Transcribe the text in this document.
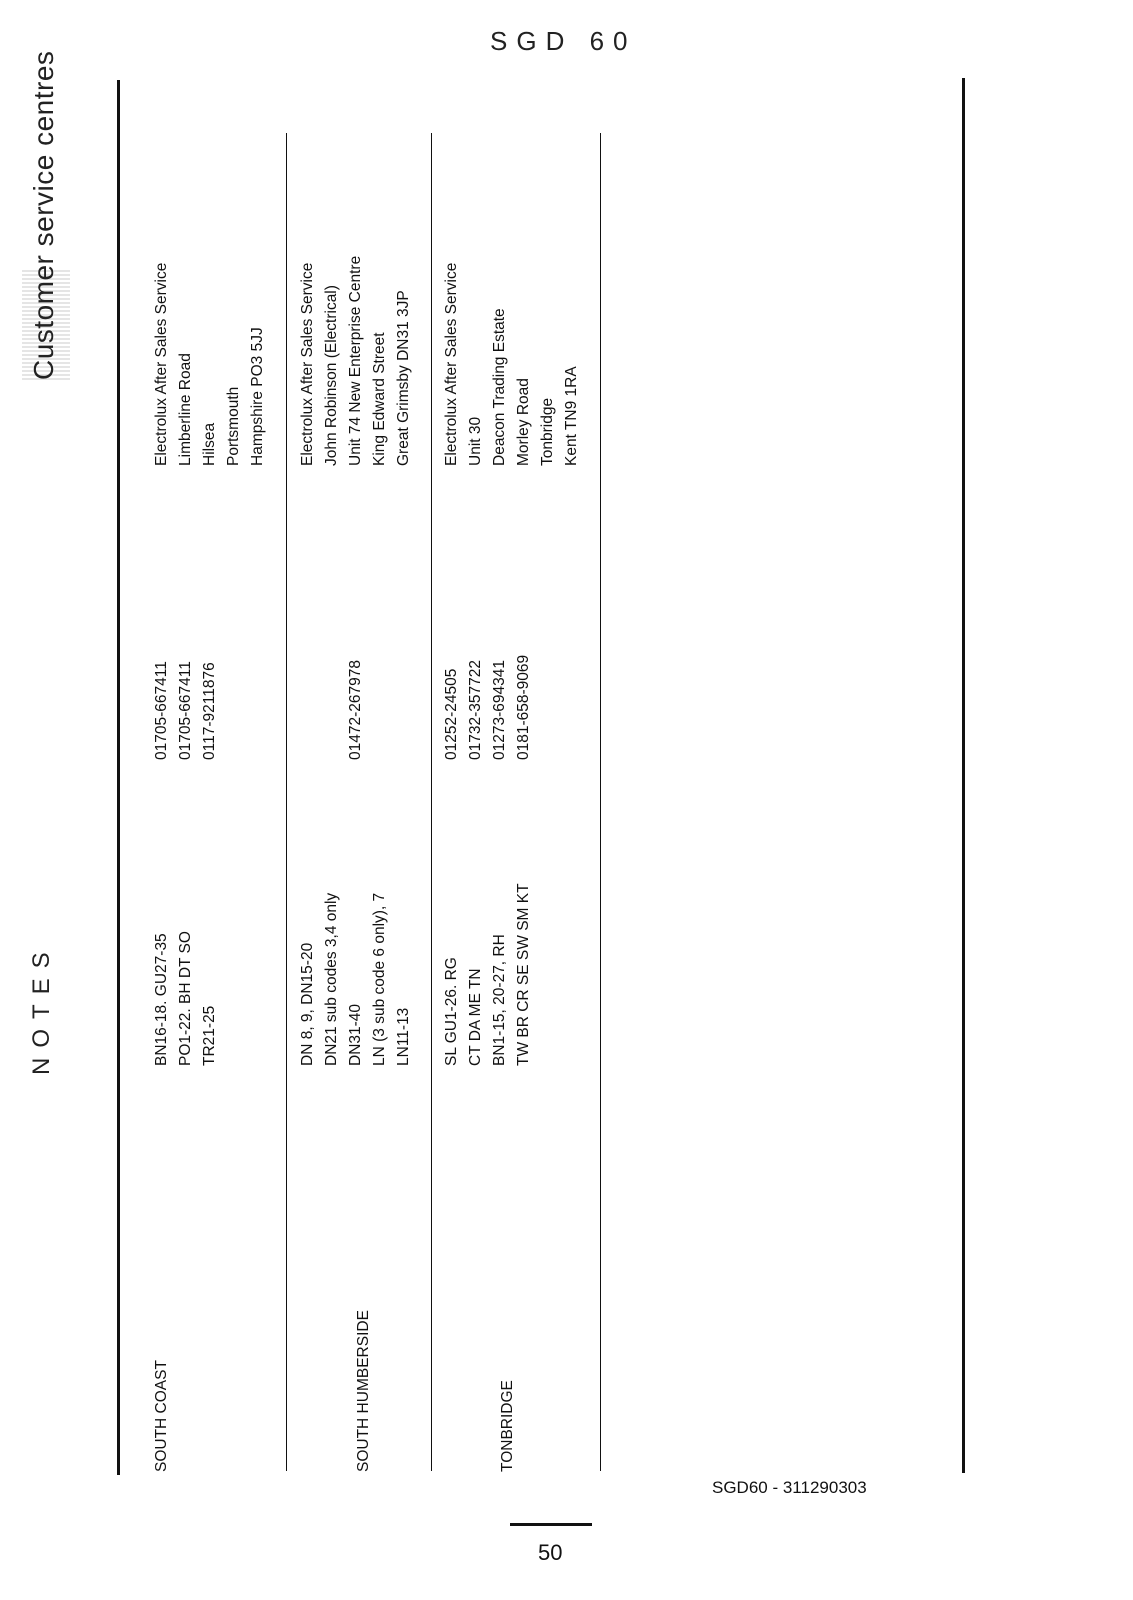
SGD 60
Customer service centres
NOTES
SOUTH COAST
BN16-18. GU27-35 PO1-22. BH DT SO TR21-25
01705-667411 01705-667411 0117-9211876
Electrolux After Sales Service Limberline Road Hilsea Portsmouth Hampshire PO3 5JJ
SOUTH HUMBERSIDE
DN 8, 9, DN15-20 DN21 sub codes 3,4 only DN31-40 LN (3 sub code 6 only), 7 LN11-13
01472-267978
Electrolux After Sales Service John Robinson (Electrical) Unit 74 New Enterprise Centre King Edward Street Great Grimsby DN31 3JP
TONBRIDGE
SL GU1-26. RG CT DA ME TN BN1-15, 20-27, RH TW BR CR SE SW SM KT
01252-24505 01732-357722 01273-694341 0181-658-9069
Electrolux After Sales Service Unit 30 Deacon Trading Estate Morley Road Tonbridge Kent TN9 1RA
SGD60 - 311290303
50
